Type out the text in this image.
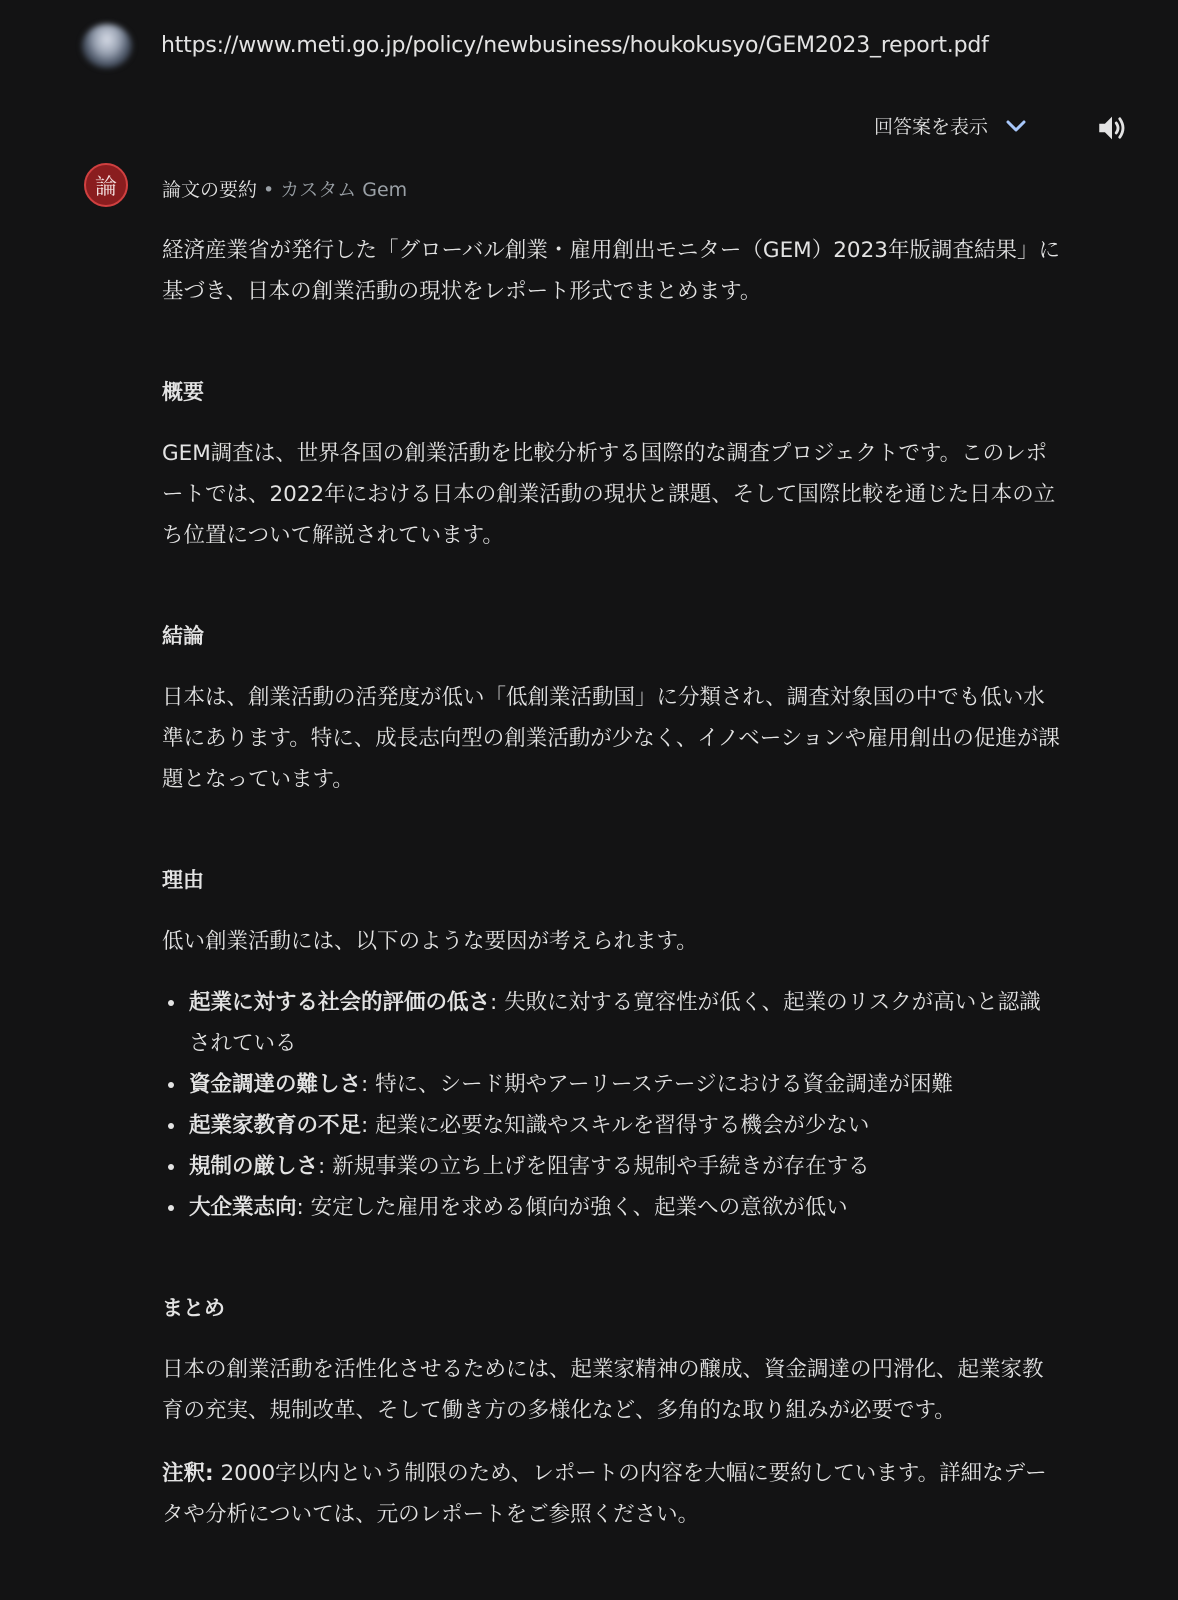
https://www.meti.go.jp/policy/newbusiness/houkokusyo/GEM2023_report.pdf
回答案を表示
論 論文の要約 • カスタム Gem

経済産業省が発行した「グローバル創業・雇用創出モニター（GEM）2023年版調査結果」に基づき、日本の創業活動の現状をレポート形式でまとめます。

概要

GEM調査は、世界各国の創業活動を比較分析する国際的な調査プロジェクトです。このレポートでは、2022年における日本の創業活動の現状と課題、そして国際比較を通じた日本の立ち位置について解説されています。

結論

日本は、創業活動の活発度が低い「低創業活動国」に分類され、調査対象国の中でも低い水準にあります。特に、成長志向型の創業活動が少なく、イノベーションや雇用創出の促進が課題となっています。

理由

低い創業活動には、以下のような要因が考えられます。

起業に対する社会的評価の低さ: 失敗に対する寛容性が低く、起業のリスクが高いと認識されている
資金調達の難しさ: 特に、シード期やアーリーステージにおける資金調達が困難
起業家教育の不足: 起業に必要な知識やスキルを習得する機会が少ない
規制の厳しさ: 新規事業の立ち上げを阻害する規制や手続きが存在する
大企業志向: 安定した雇用を求める傾向が強く、起業への意欲が低い
まとめ

日本の創業活動を活性化させるためには、起業家精神の醸成、資金調達の円滑化、起業家教育の充実、規制改革、そして働き方の多様化など、多角的な取り組みが必要です。

注釈: 2000字以内という制限のため、レポートの内容を大幅に要約しています。詳細なデータや分析については、元のレポートをご参照ください。
